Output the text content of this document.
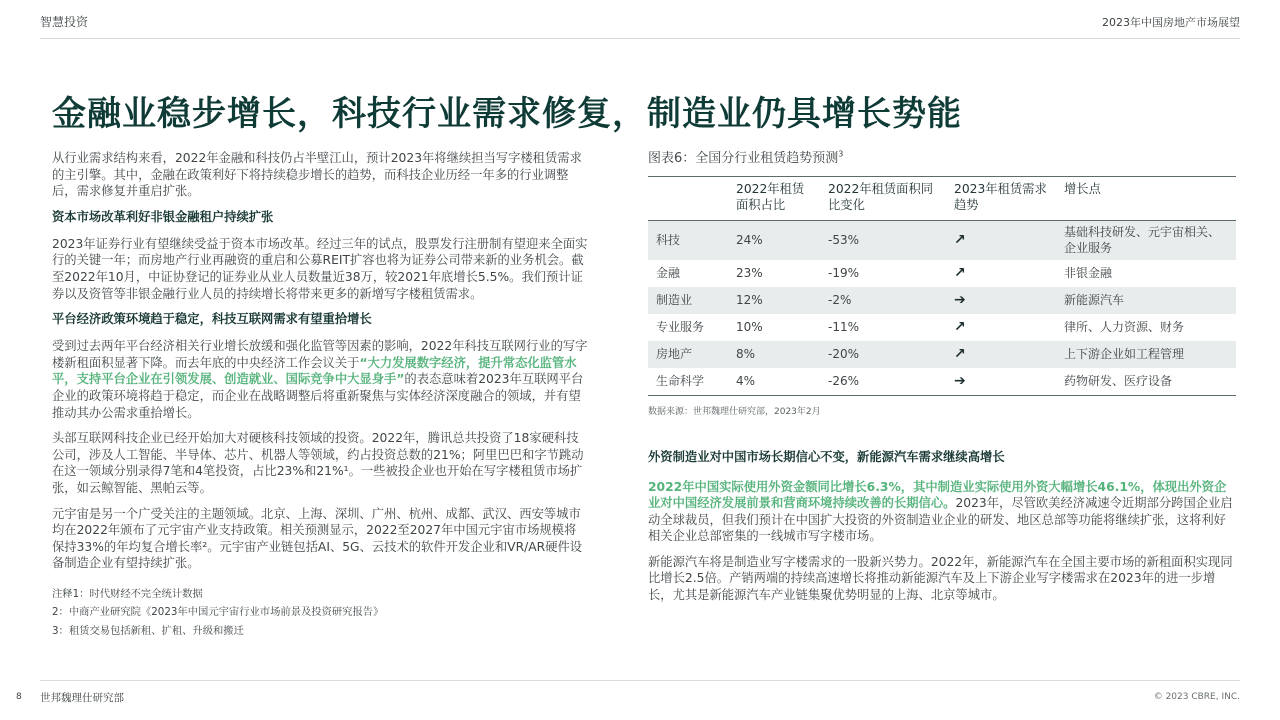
智慧投资	2023年中国房地产市场展望
金融业稳步增长，科技行业需求修复，制造业仍具增长势能

从行业需求结构来看，2022年金融和科技仍占半壁江山，预计2023年将继续担当写字楼租赁需求的主引擎。其中，金融在政策利好下将持续稳步增长的趋势，而科技企业历经一年多的行业调整后，需求修复并重启扩张。

资本市场改革利好非银金融租户持续扩张

2023年证券行业有望继续受益于资本市场改革。经过三年的试点，股票发行注册制有望迎来全面实行的关键一年；而房地产行业再融资的重启和公募REIT扩容也将为证券公司带来新的业务机会。截至2022年10月，中证协登记的证券业从业人员数量近38万，较2021年底增长5.5%。我们预计证券以及资管等非银金融行业人员的持续增长将带来更多的新增写字楼租赁需求。

平台经济政策环境趋于稳定，科技互联网需求有望重拾增长

受到过去两年平台经济相关行业增长放缓和强化监管等因素的影响，2022年科技互联网行业的写字楼新租面积显著下降。而去年底的中央经济工作会议关于“大力发展数字经济，提升常态化监管水平，支持平台企业在引领发展、创造就业、国际竞争中大显身手”的表态意味着2023年互联网平台企业的政策环境将趋于稳定，而企业在战略调整后将重新聚焦与实体经济深度融合的领域，并有望推动其办公需求重拾增长。

头部互联网科技企业已经开始加大对硬核科技领域的投资。2022年，腾讯总共投资了18家硬科技公司，涉及人工智能、半导体、芯片、机器人等领域，约占投资总数的21%；阿里巴巴和字节跳动在这一领域分别录得7笔和4笔投资，占比23%和21%¹。一些被投企业也开始在写字楼租赁市场扩张，如云鲸智能、黑帕云等。

元宇宙是另一个广受关注的主题领域。北京、上海、深圳、广州、杭州、成都、武汉、西安等城市均在2022年颁布了元宇宙产业支持政策。相关预测显示，2022至2027年中国元宇宙市场规模将保持33%的年均复合增长率²。元宇宙产业链包括AI、5G、云技术的软件开发企业和VR/AR硬件设备制造企业有望持续扩张。

注释1：时代财经不完全统计数据
2：中商产业研究院《2023年中国元宇宙行业市场前景及投资研究报告》
3：租赁交易包括新租、扩租、升级和搬迁
图表6：全国分行业租赁趋势预测$^3$
	2022年租赁面积占比	2022年租赁面积同比变化	2023年租赁需求趋势	增长点
科技	24%	-53%	↗	基础科技研发、元宇宙相关、企业服务
金融	23%	-19%	↗	非银金融
制造业	12%	-2%	➔	新能源汽车
专业服务	10%	-11%	↗	律所、人力资源、财务
房地产	8%	-20%	↗	上下游企业如工程管理
生命科学	4%	-26%	➔	药物研发、医疗设备
数据来源：世邦魏理仕研究部，2023年2月

外资制造业对中国市场长期信心不变，新能源汽车需求继续高增长

2022年中国实际使用外资金额同比增长6.3%，其中制造业实际使用外资大幅增长46.1%，体现出外资企业对中国经济发展前景和营商环境持续改善的长期信心。2023年，尽管欧美经济减速令近期部分跨国企业启动全球裁员，但我们预计在中国扩大投资的外资制造业企业的研发、地区总部等功能将继续扩张，这将利好相关企业总部密集的一线城市写字楼市场。

新能源汽车将是制造业写字楼需求的一股新兴势力。2022年，新能源汽车在全国主要市场的新租面积实现同比增长2.5倍。产销两端的持续高速增长将推动新能源汽车及上下游企业写字楼需求在2023年的进一步增长，尤其是新能源汽车产业链集聚优势明显的上海、北京等城市。

8 世邦魏理仕研究部	© 2023 CBRE, INC.
